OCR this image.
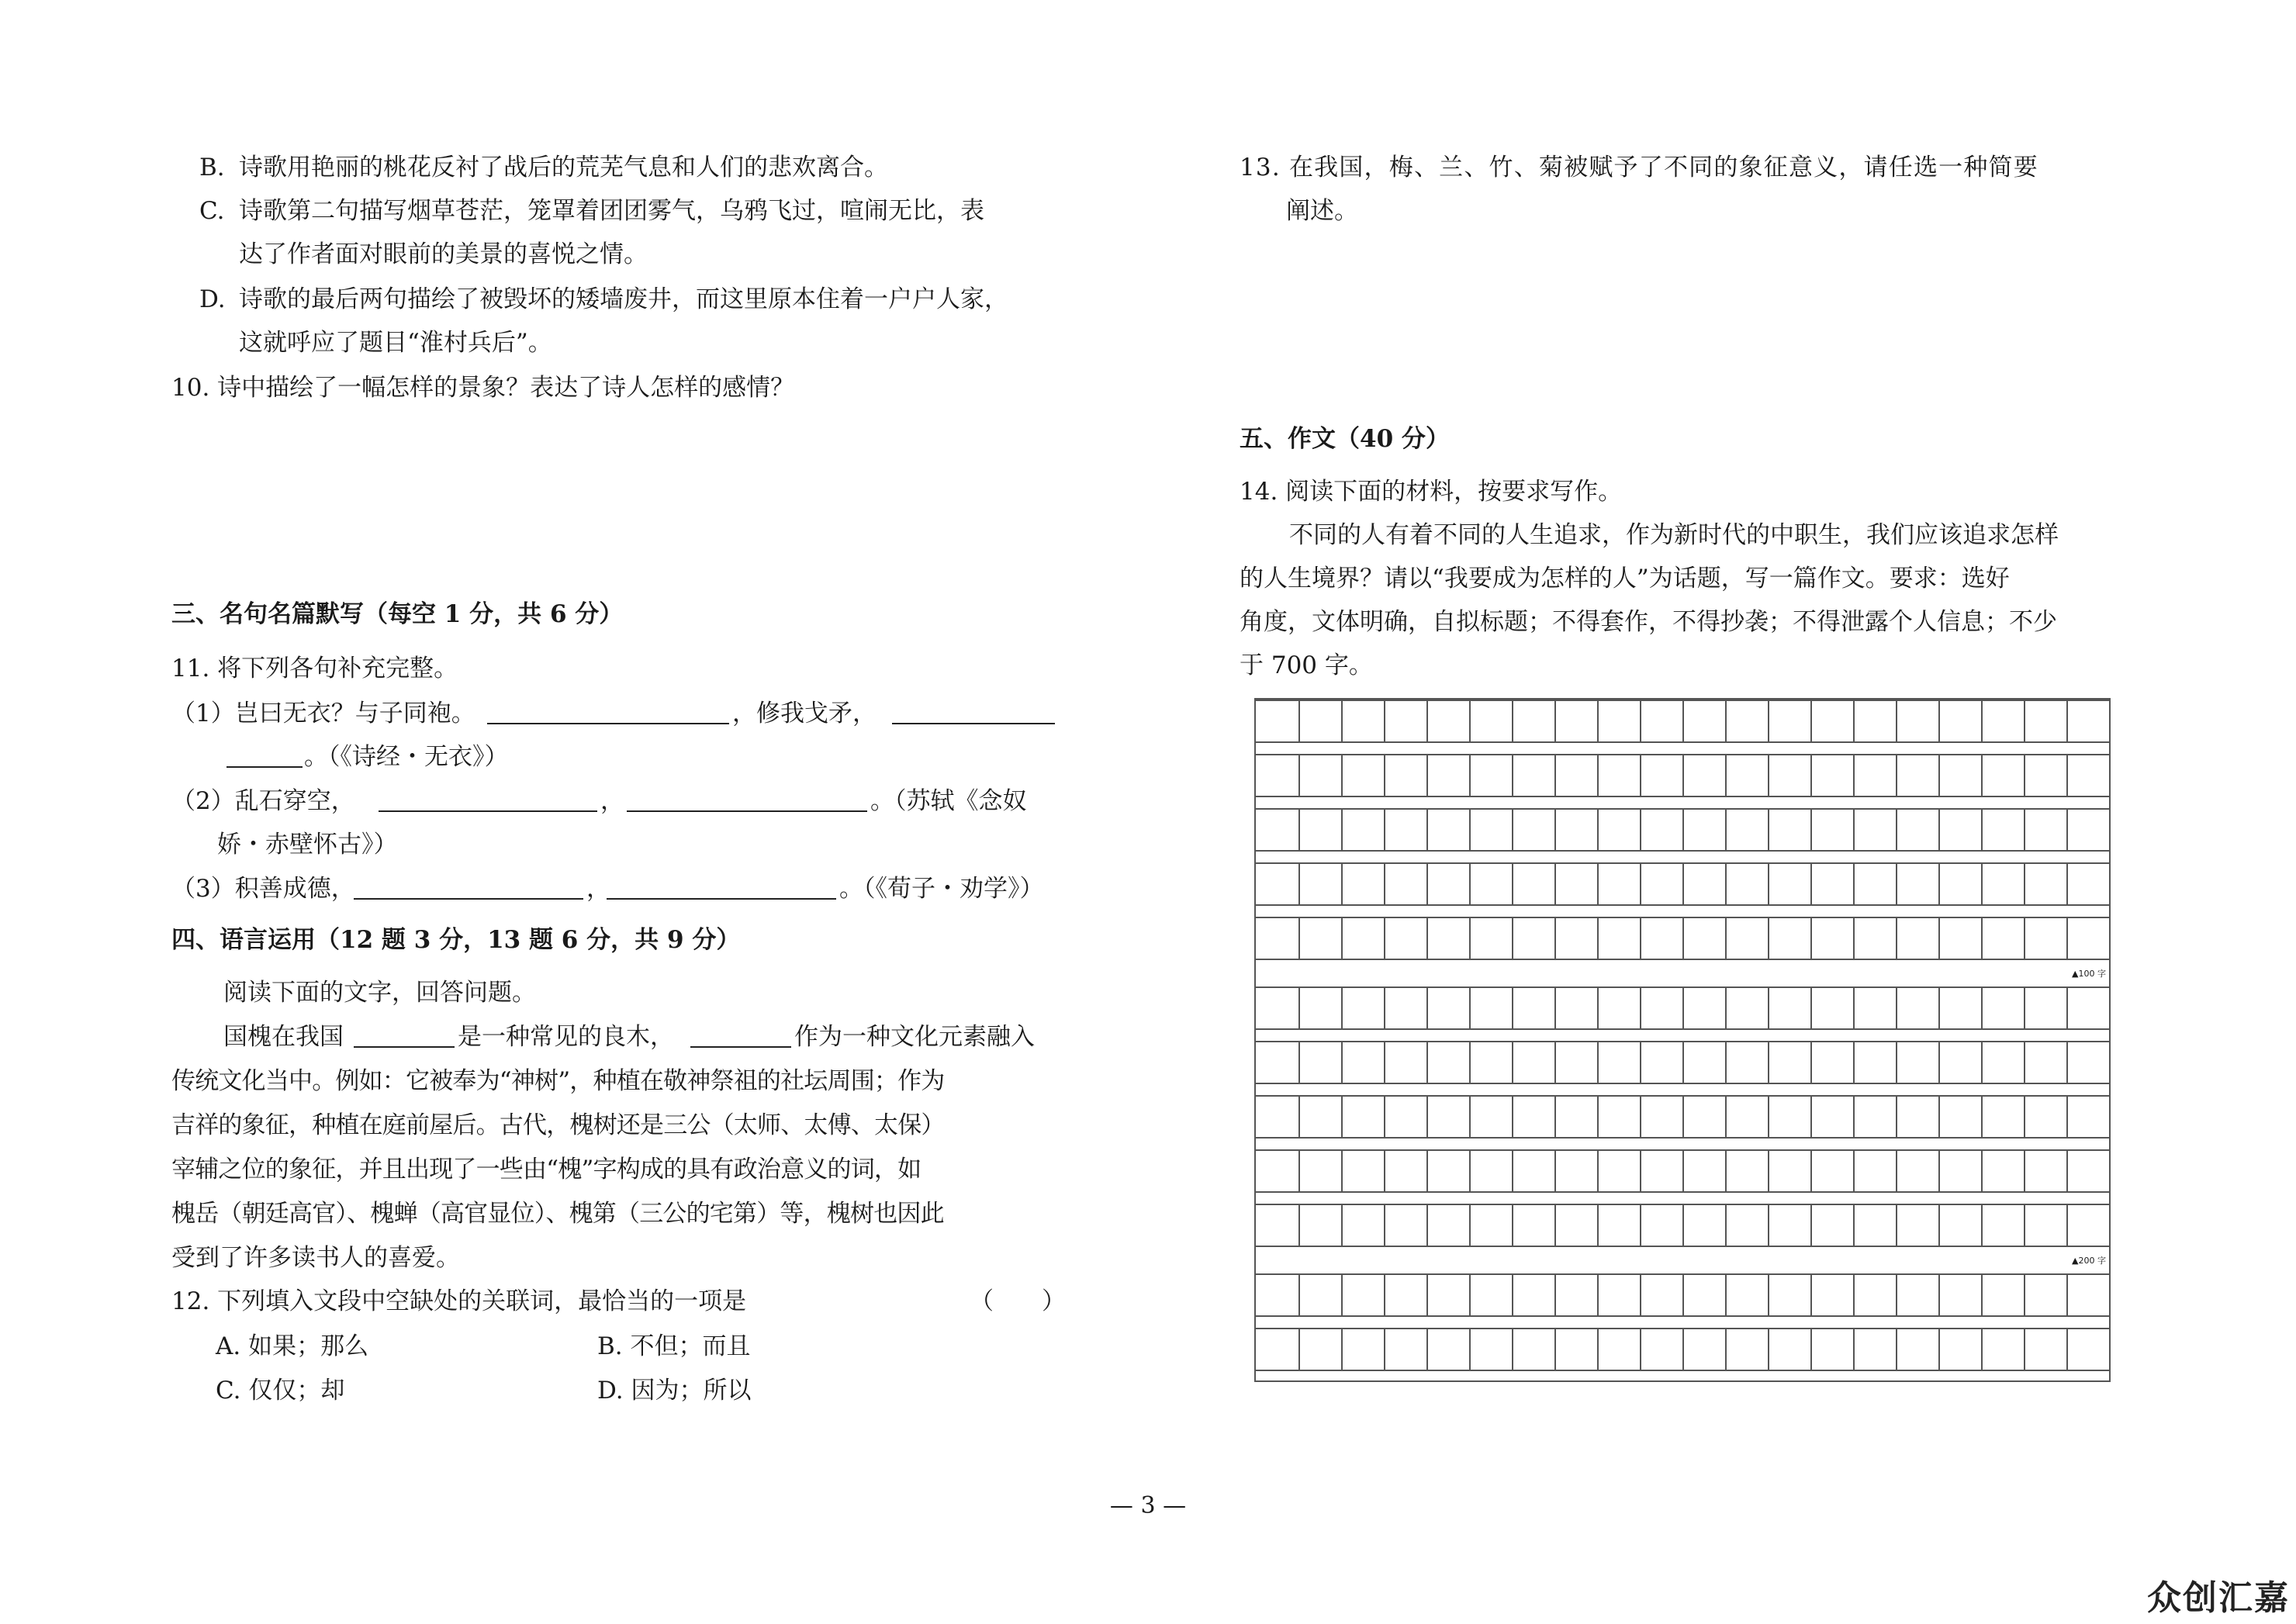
B. 诗歌用艳丽的桃花反衬了战后的荒芜气息和人们的悲欢离合。
C. 诗歌第二句描写烟草苍茫，笼罩着团团雾气，乌鸦飞过，喧闹无比，表
达了作者面对眼前的美景的喜悦之情。
D. 诗歌的最后两句描绘了被毁坏的矮墙废井，而这里原本住着一户户人家，
这就呼应了题目“淮村兵后”。
10. 诗中描绘了一幅怎样的景象？表达了诗人怎样的感情？
三、名句名篇默写（每空 1 分，共 6 分）
11. 将下列各句补充完整。
（1）岂曰无衣？与子同袍。	，修我戈矛，
。（《诗经・无衣》）
（2）乱石穿空，	，	。（苏轼《念奴
娇・赤壁怀古》）
（3）积善成德，	，	。（《荀子・劝学》）
四、语言运用（12 题 3 分，13 题 6 分，共 9 分）
阅读下面的文字，回答问题。
国槐在我国	是一种常见的良木，	作为一种文化元素融入
传统文化当中。例如：它被奉为“神树”，种植在敬神祭祖的社坛周围；作为
吉祥的象征，种植在庭前屋后。古代，槐树还是三公（太师、太傅、太保）
宰辅之位的象征，并且出现了一些由“槐”字构成的具有政治意义的词，如
槐岳（朝廷高官）、槐蝉（高官显位）、槐第（三公的宅第）等，槐树也因此
受到了许多读书人的喜爱。
12. 下列填入文段中空缺处的关联词，最恰当的一项是	（　　）
A. 如果；那么	B. 不但；而且
C. 仅仅；却	D. 因为；所以
13. 在我国，梅、兰、竹、菊被赋予了不同的象征意义，请任选一种简要
阐述。
五、作文（40 分）
14. 阅读下面的材料，按要求写作。
不同的人有着不同的人生追求，作为新时代的中职生，我们应该追求怎样
的人生境界？请以“我要成为怎样的人”为话题，写一篇作文。要求：选好
角度，文体明确，自拟标题；不得套作，不得抄袭；不得泄露个人信息；不少
于 700 字。
▲100 字
▲200 字
— 3 —
众创汇嘉
